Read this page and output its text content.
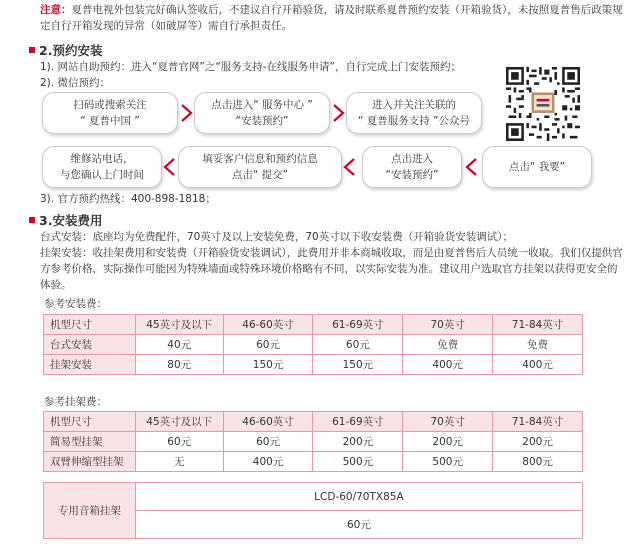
注意：夏普电视外包装完好确认签收后，不建议自行开箱验货，请及时联系夏普预约安装（开箱验货），未按照夏普售后政策规定自行开箱发现的异常（如破屏等）需自行承担责任。
2.预约安装
1). 网站自助预约：进入“夏普官网”之“服务支持-在线服务申请”，自行完成上门安装预约；
2). 微信预约：
扫码或搜索关注
“ 夏普中国 ”
点击进入“ 服务中心 ”
“安装预约”
进入并关注关联的
“ 夏普服务支持 ”公众号
维修站电话，
与您确认上门时间
填妥客户信息和预约信息
点击“ 提交”
点击进入
“安装预约”
点击“ 我要”
3). 官方预约热线：400-898-1818；
3.安装费用
台式安装：底座均为免费配件，70英寸及以上安装免费，70英寸以下收安装费（开箱验货安装调试）；
挂架安装：收挂架费用和安装费（开箱验货安装调试），此费用并非本商城收取，而是由夏普售后人员统一收取。我们仅提供官方参考价格，实际操作可能因为特殊墙面或特殊环境价格略有不同，以实际安装为准。建议用户选取官方挂架以获得更安全的体验。
参考安装费：
机型尺寸	45英寸及以下	46-60英寸	61-69英寸	70英寸	71-84英寸
台式安装	40元	60元	60元	免费	免费
挂架安装	80元	150元	150元	400元	400元
参考挂架费：
机型尺寸	45英寸及以下	46-60英寸	61-69英寸	70英寸	71-84英寸
简易型挂架	60元	60元	200元	200元	200元
双臂伸缩型挂架	无	400元	500元	500元	800元
专用音箱挂架	LCD-60/70TX85A
60元
